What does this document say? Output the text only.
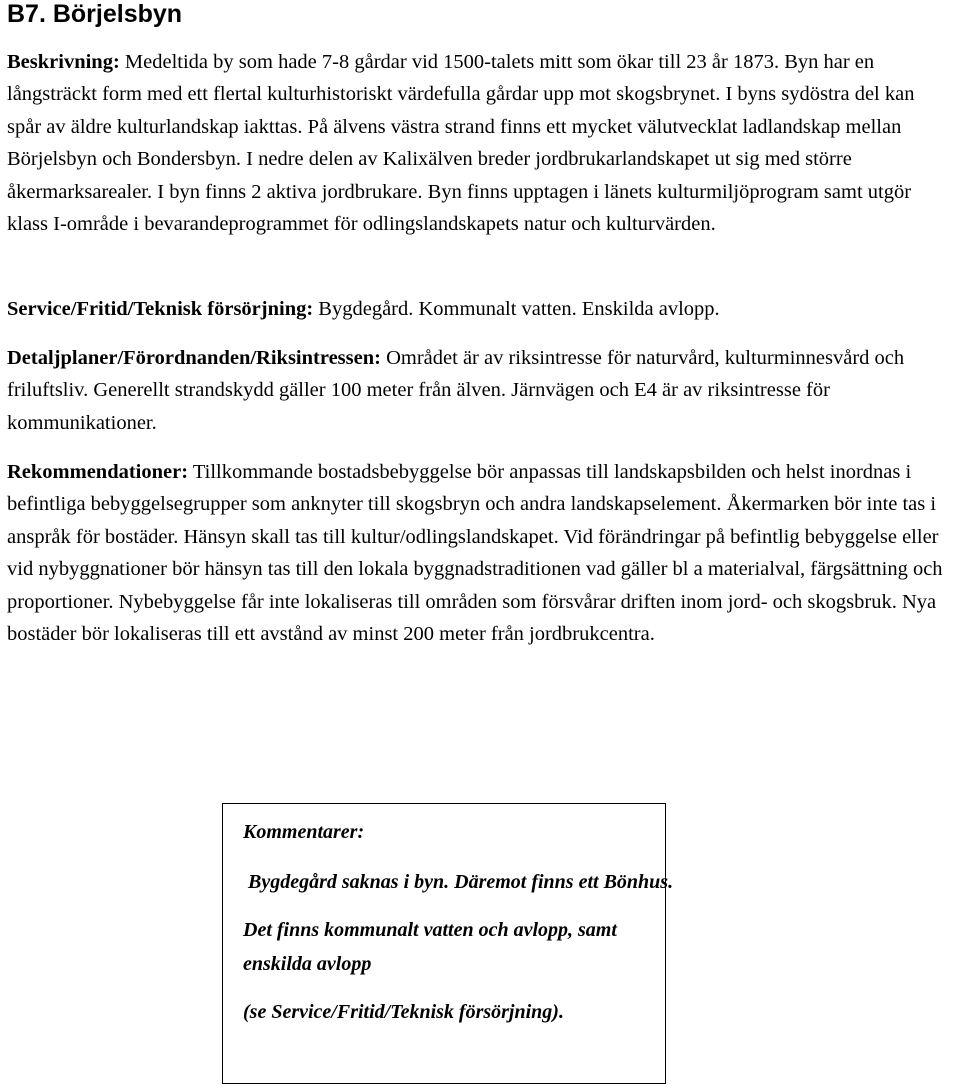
B7. Börjelsbyn

Beskrivning: Medeltida by som hade 7-8 gårdar vid 1500-talets mitt som ökar till 23 år 1873. Byn har en långsträckt form med ett flertal kulturhistoriskt värdefulla gårdar upp mot skogsbrynet. I byns sydöstra del kan spår av äldre kulturlandskap iakttas. På älvens västra strand finns ett mycket välutvecklat ladlandskap mellan Börjelsbyn och Bondersbyn. I nedre delen av Kalixälven breder jordbrukarlandskapet ut sig med större åkermarksarealer. I byn finns 2 aktiva jordbrukare. Byn finns upptagen i länets kulturmiljöprogram samt utgör klass I-område i bevarandeprogrammet för odlingslandskapets natur och kulturvärden.

Service/Fritid/Teknisk försörjning: Bygdegård. Kommunalt vatten. Enskilda avlopp.

Detaljplaner/Förordnanden/Riksintressen: Området är av riksintresse för naturvård, kulturminnesvård och friluftsliv. Generellt strandskydd gäller 100 meter från älven. Järnvägen och E4 är av riksintresse för kommunikationer.

Rekommendationer: Tillkommande bostadsbebyggelse bör anpassas till landskapsbilden och helst inordnas i befintliga bebyggelsegrupper som anknyter till skogsbryn och andra landskapselement. Åkermarken bör inte tas i anspråk för bostäder. Hänsyn skall tas till kultur/odlingslandskapet. Vid förändringar på befintlig bebyggelse eller vid nybyggnationer bör hänsyn tas till den lokala byggnadstraditionen vad gäller bl a materialval, färgsättning och proportioner. Nybebyggelse får inte lokaliseras till områden som försvårar driften inom jord- och skogsbruk. Nya bostäder bör lokaliseras till ett avstånd av minst 200 meter från jordbrukcentra.

Kommentarer:

Bygdegård saknas i byn. Däremot finns ett Bönhus.

Det finns kommunalt vatten och avlopp, samt

enskilda avlopp

(se Service/Fritid/Teknisk försörjning).
